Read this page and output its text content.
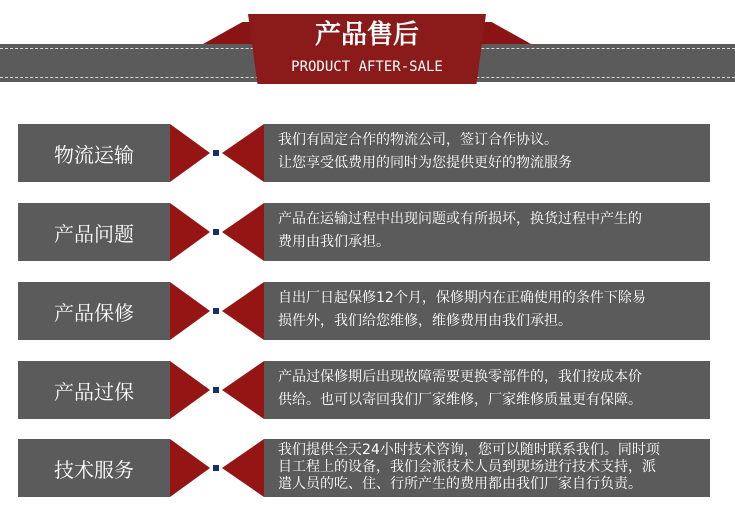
产品售后
PRODUCT AFTER-SALE
物流运输
我们有固定合作的物流公司，签订合作协议。
让您享受低费用的同时为您提供更好的物流服务
产品问题
产品在运输过程中出现问题或有所损坏，换货过程中产生的
费用由我们承担。
产品保修
自出厂日起保修12个月，保修期内在正确使用的条件下除易
损件外，我们给您维修，维修费用由我们承担。
产品过保
产品过保修期后出现故障需要更换零部件的，我们按成本价
供给。也可以寄回我们厂家维修，厂家维修质量更有保障。
技术服务
我们提供全天24小时技术咨询，您可以随时联系我们。同时项
目工程上的设备，我们会派技术人员到现场进行技术支持，派
遣人员的吃、住、行所产生的费用都由我们厂家自行负责。
